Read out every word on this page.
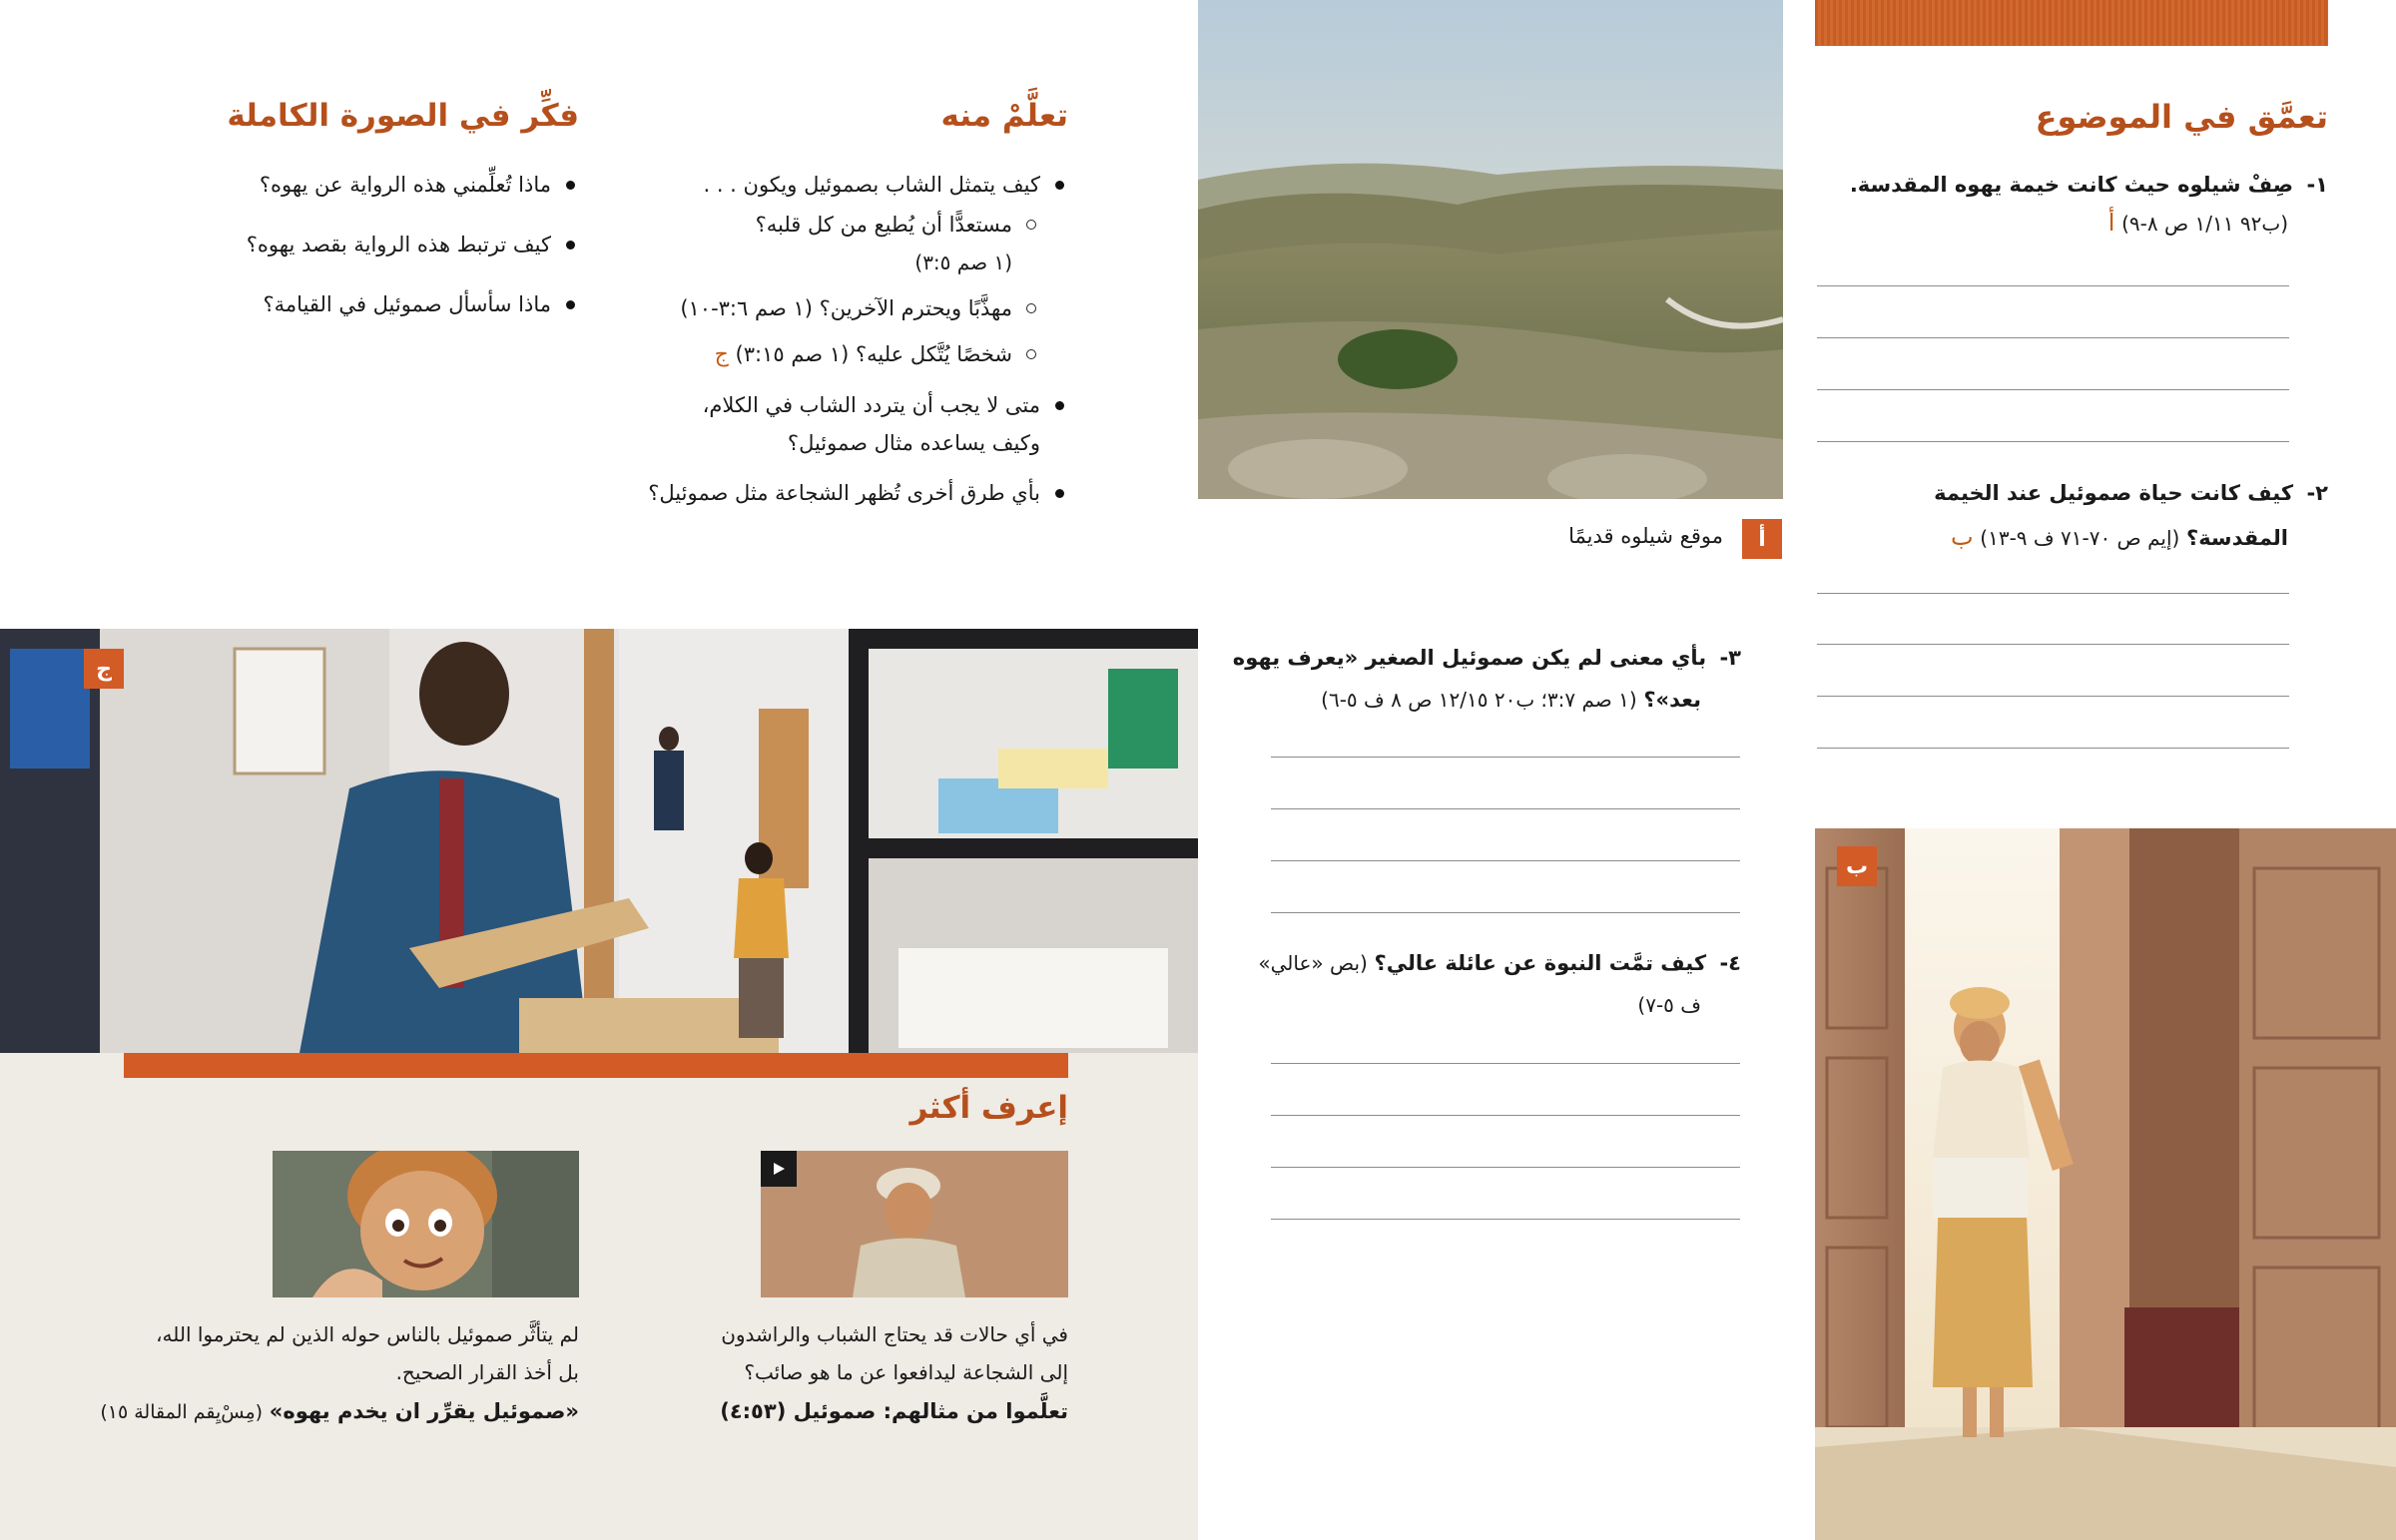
تعمَّق في الموضوع
١-  صِفْ شيلوه حيث كانت خيمة يهوه المقدسة.
(ب٩٢ ١/١١ ص ٨-٩) أ
٢-  كيف كانت حياة صموئيل عند الخيمة
المقدسة؟ (إيم ص ٧٠-٧١ ف ٩-١٣) ب
ب
أ
موقع شيلوه قديمًا
٣-  بأي معنى لم يكن صموئيل الصغير «يعرف يهوه
بعد»؟ (١ صم ٣:٧؛ ب٢٠ ١٢/١٥ ص ٨ ف ٥-٦)
٤-  كيف تمَّت النبوة عن عائلة عالي؟ (بص «عالي»
ف ٥-٧)
تعلَّمْ منه
كيف يتمثل الشاب بصموئيل ويكون . . .
مستعدًّا أن يُطيع من كل قلبه؟
(١ صم ٣:٥)
مهذَّبًا ويحترم الآخرين؟ (١ صم ٣:٦-١٠)
شخصًا يُتَّكل عليه؟ (١ صم ٣:١٥) ج
متى لا يجب أن يتردد الشاب في الكلام،
وكيف يساعده مثال صموئيل؟
بأي طرق أخرى تُظهر الشجاعة مثل صموئيل؟
فكِّر في الصورة الكاملة
ماذا تُعلِّمني هذه الرواية عن يهوه؟
كيف ترتبط هذه الرواية بقصد يهوه؟
ماذا سأسأل صموئيل في القيامة؟
ج
إعرف أكثر
في أي حالات قد يحتاج الشباب والراشدون
إلى الشجاعة ليدافعوا عن ما هو صائب؟
تعلَّموا من مثالهم: صموئيل (٤:٥٣)
لم يتأثَّر صموئيل بالناس حوله الذين لم يحترموا الله،
بل أخذ القرار الصحيح.
«صموئيل يقرِّر ان يخدم يهوه» (مِسْ‌يِقم المقالة ١٥)
